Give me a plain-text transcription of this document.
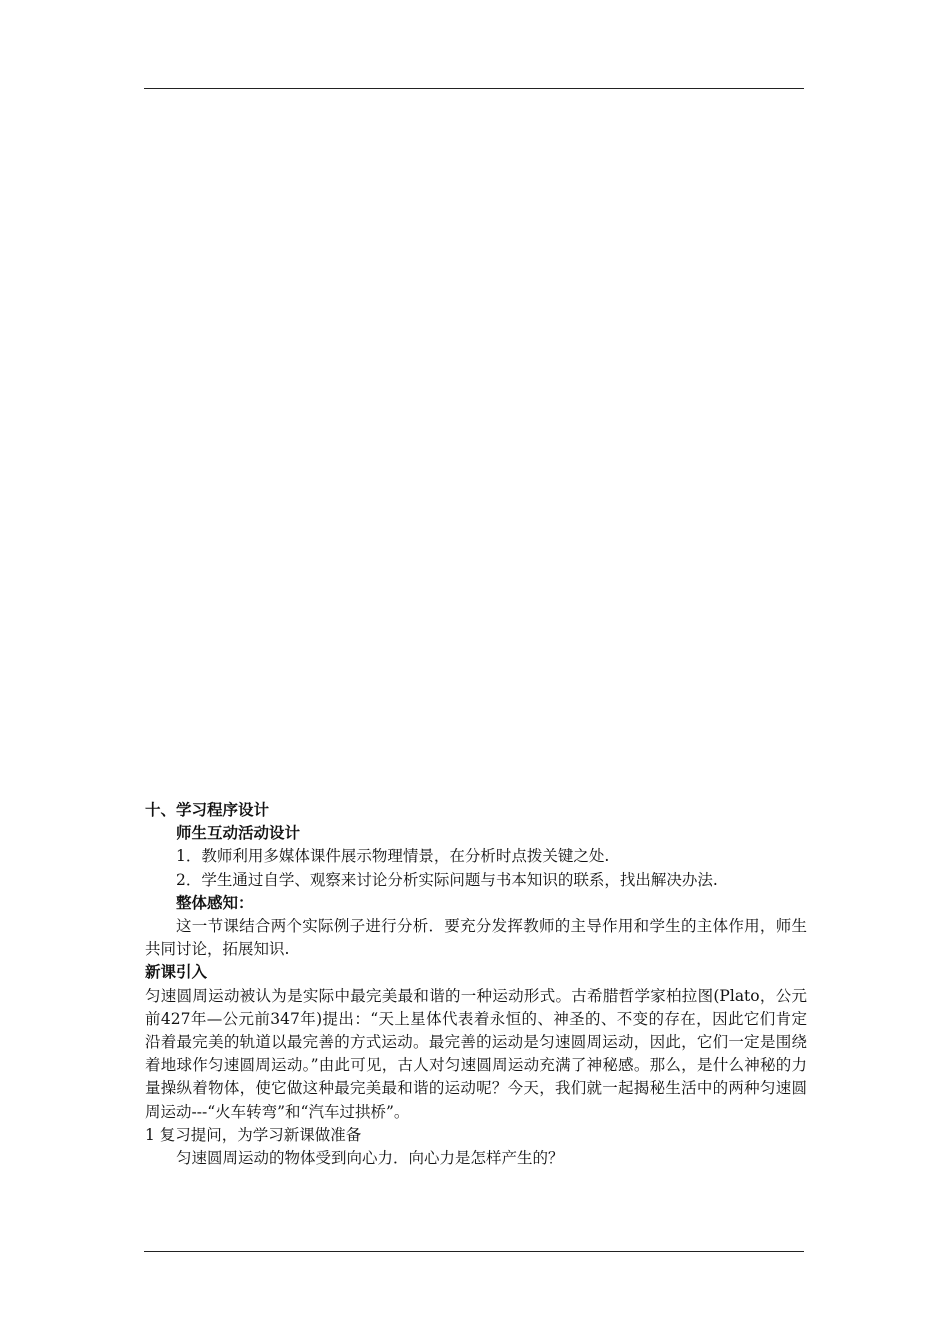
十、学习程序设计
师生互动活动设计
1．教师利用多媒体课件展示物理情景，在分析时点拨关键之处.
2．学生通过自学、观察来讨论分析实际问题与书本知识的联系，找出解决办法.
整体感知：
这一节课结合两个实际例子进行分析．要充分发挥教师的主导作用和学生的主体作用，师生共同讨论，拓展知识.
新课引入
匀速圆周运动被认为是实际中最完美最和谐的一种运动形式。古希腊哲学家柏拉图(Plato，公元前427年—公元前347年)提出：“天上星体代表着永恒的、神圣的、不变的存在，因此它们肯定沿着最完美的轨道以最完善的方式运动。最完善的运动是匀速圆周运动，因此，它们一定是围绕着地球作匀速圆周运动。”由此可见，古人对匀速圆周运动充满了神秘感。那么，是什么神秘的力量操纵着物体，使它做这种最完美最和谐的运动呢？今天，我们就一起揭秘生活中的两种匀速圆周运动---“火车转弯”和“汽车过拱桥”。
1 复习提问，为学习新课做准备
匀速圆周运动的物体受到向心力．向心力是怎样产生的？
